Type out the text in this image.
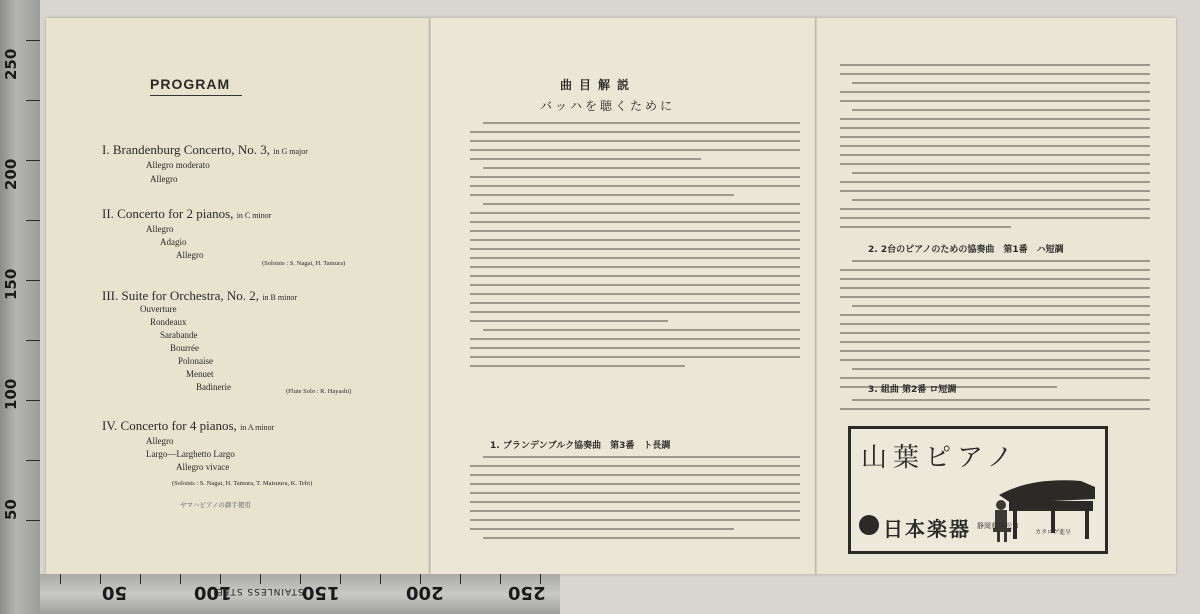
250
200
150
100
50
PROGRAM
I. Brandenburg Concerto, No. 3, in G major
Allegro moderato
Allegro
II. Concerto for 2 pianos, in C minor
Allegro
Adagio
Allegro
(Soloists : S. Nagai, H. Tamura)
III. Suite for Orchestra, No. 2, in B minor
Ouverture
Rondeaux
Sarabande
Bourrée
Polonaise
Menuet
Badinerie	(Flute Solo : R. Hayashi)
IV. Concerto for 4 pianos, in A minor
Allegro
Largo—Larghetto Largo
Allegro vivace
(Soloists : S. Nagai, H. Tamura, T. Matsuura, K. Tebi)
ヤマハピアノの御手使用
曲目解説
バッハを聴くために
1. ブランデンブルク協奏曲　第3番　ト長調
2. 2台のピアノのための協奏曲　第1番　ハ短調
3. 組曲 第2番 ロ短調
山葉ピアノ
日本楽器 静岡県浜松市
カタログ進呈
50	100	150	200	250
STAINLESS STEEL
